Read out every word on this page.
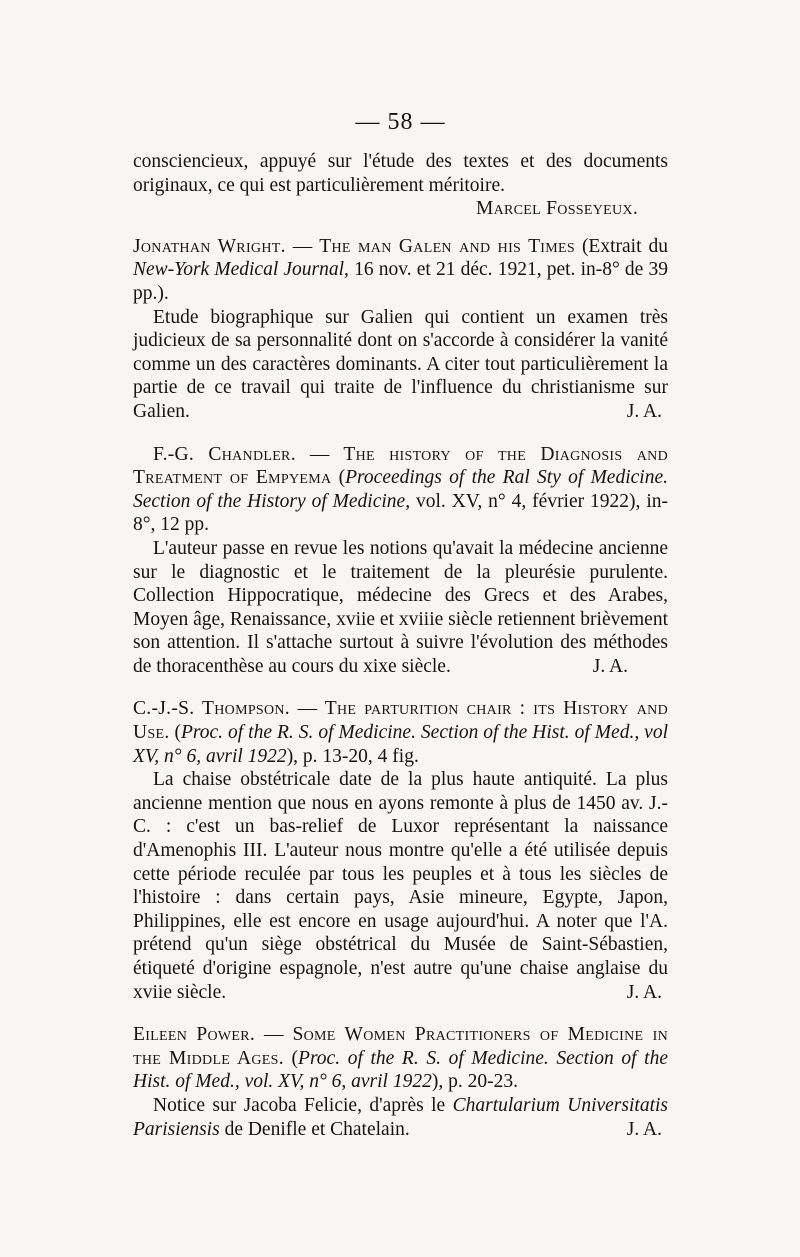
— 58 —

consciencieux, appuyé sur l'étude des textes et des documents originaux, ce qui est particulièrement méritoire.

Marcel Fosseyeux.

Jonathan Wright. — The man Galen and his Times (Extrait du New-York Medical Journal, 16 nov. et 21 déc. 1921, pet. in-8° de 39 pp.).

Etude biographique sur Galien qui contient un examen très judicieux de sa personnalité dont on s'accorde à considérer la vanité comme un des caractères dominants. A citer tout particulièrement la partie de ce travail qui traite de l'influence du christianisme sur Galien.	J. A.

F.-G. Chandler. — The history of the Diagnosis and Treatment of Empyema (Proceedings of the Ral Sty of Medicine. Section of the History of Medicine, vol. XV, n° 4, février 1922), in-8°, 12 pp.

L'auteur passe en revue les notions qu'avait la médecine ancienne sur le diagnostic et le traitement de la pleurésie purulente. Collection Hippocratique, médecine des Grecs et des Arabes, Moyen âge, Renaissance, xviie et xviiie siècle retiennent brièvement son attention. Il s'attache surtout à suivre l'évolution des méthodes de thoracenthèse au cours du xixe siècle.	J. A.

C.-J.-S. Thompson. — The parturition chair : its History and Use. (Proc. of the R. S. of Medicine. Section of the Hist. of Med., vol XV, n° 6, avril 1922), p. 13-20, 4 fig.

La chaise obstétricale date de la plus haute antiquité. La plus ancienne mention que nous en ayons remonte à plus de 1450 av. J.-C. : c'est un bas-relief de Luxor représentant la naissance d'Amenophis III. L'auteur nous montre qu'elle a été utilisée depuis cette période reculée par tous les peuples et à tous les siècles de l'histoire : dans certain pays, Asie mineure, Egypte, Japon, Philippines, elle est encore en usage aujourd'hui. A noter que l'A. prétend qu'un siège obstétrical du Musée de Saint-Sébastien, étiqueté d'origine espagnole, n'est autre qu'une chaise anglaise du xviie siècle.	J. A.

Eileen Power. — Some Women Practitioners of Medicine in the Middle Ages. (Proc. of the R. S. of Medicine. Section of the Hist. of Med., vol. XV, n° 6, avril 1922), p. 20-23.

Notice sur Jacoba Felicie, d'après le Chartularium Universitatis Parisiensis de Denifle et Chatelain.	J. A.
